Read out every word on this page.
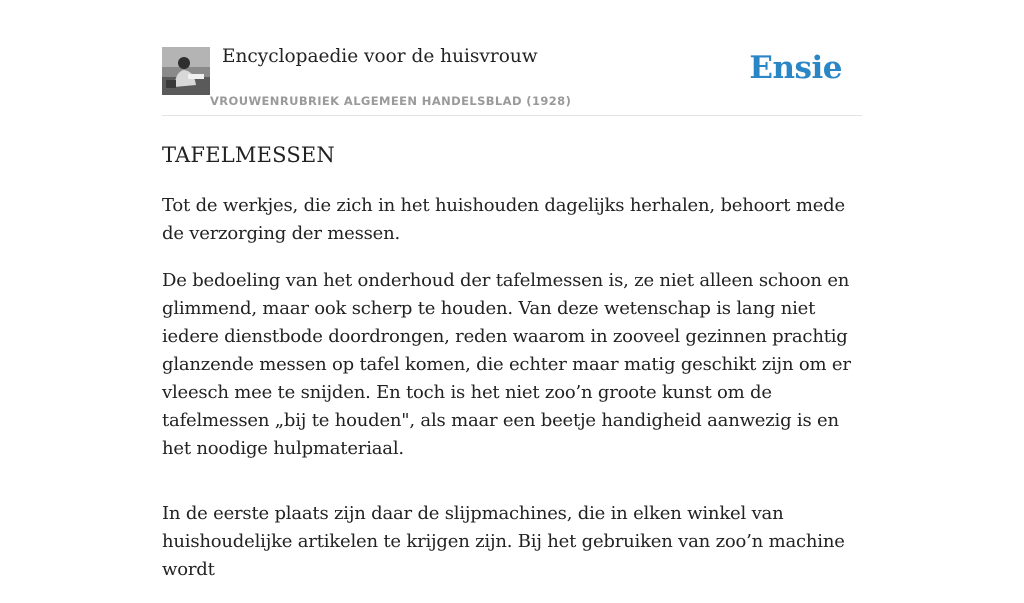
Encyclopaedie voor de huisvrouw
VROUWENRUBRIEK ALGEMEEN HANDELSBLAD (1928)
Ensie
TAFELMESSEN

Tot de werkjes, die zich in het huishouden dagelijks herhalen, behoort mede de verzorging der messen.

De bedoeling van het onderhoud der tafelmessen is, ze niet alleen schoon en glimmend, maar ook scherp te houden. Van deze wetenschap is lang niet iedere dienstbode doordrongen, reden waarom in zooveel gezinnen prachtig glanzende messen op tafel komen, die echter maar matig geschikt zijn om er vleesch mee te snijden. En toch is het niet zoo’n groote kunst om de tafelmessen „bij te houden", als maar een beetje handigheid aanwezig is en het noodige hulpmateriaal.

In de eerste plaats zijn daar de slijpmachines, die in elken winkel van huishoudelijke artikelen te krijgen zijn. Bij het gebruiken van zoo’n machine wordt
